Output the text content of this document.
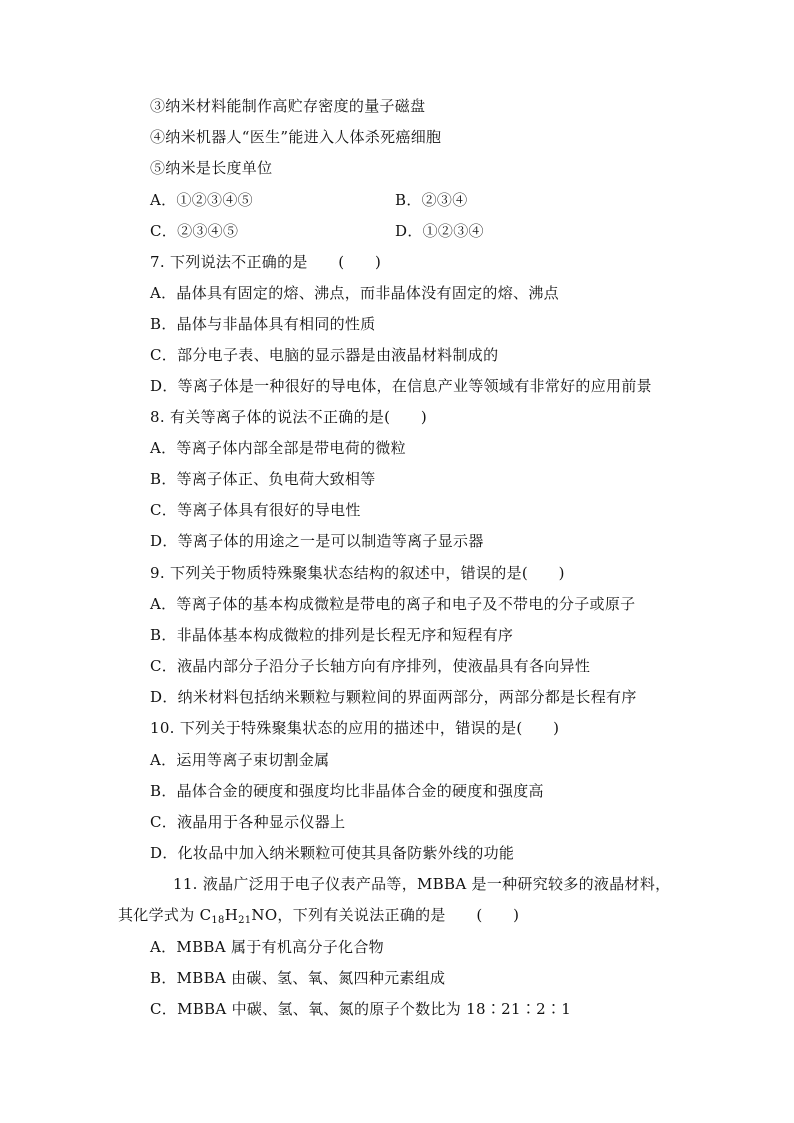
③纳米材料能制作高贮存密度的量子磁盘
④纳米机器人“医生”能进入人体杀死癌细胞
⑤纳米是长度单位
A．①②③④⑤	B．②③④
C．②③④⑤	D．①②③④
7. 下列说法不正确的是　　(　　)
A．晶体具有固定的熔、沸点，而非晶体没有固定的熔、沸点
B．晶体与非晶体具有相同的性质
C．部分电子表、电脑的显示器是由液晶材料制成的
D．等离子体是一种很好的导电体，在信息产业等领域有非常好的应用前景
8. 有关等离子体的说法不正确的是(　　)
A．等离子体内部全部是带电荷的微粒
B．等离子体正、负电荷大致相等
C．等离子体具有很好的导电性
D．等离子体的用途之一是可以制造等离子显示器
9. 下列关于物质特殊聚集状态结构的叙述中，错误的是(　　)
A．等离子体的基本构成微粒是带电的离子和电子及不带电的分子或原子
B．非晶体基本构成微粒的排列是长程无序和短程有序
C．液晶内部分子沿分子长轴方向有序排列，使液晶具有各向异性
D．纳米材料包括纳米颗粒与颗粒间的界面两部分，两部分都是长程有序
10. 下列关于特殊聚集状态的应用的描述中，错误的是(　　)
A．运用等离子束切割金属
B．晶体合金的硬度和强度均比非晶体合金的硬度和强度高
C．液晶用于各种显示仪器上
D．化妆品中加入纳米颗粒可使其具备防紫外线的功能
11. 液晶广泛用于电子仪表产品等，MBBA 是一种研究较多的液晶材料，
其化学式为 $C_{18}H_{21}NO$，下列有关说法正确的是　　(　　)
A．MBBA 属于有机高分子化合物
B．MBBA 由碳、氢、氧、氮四种元素组成
C．MBBA 中碳、氢、氧、氮的原子个数比为 18∶21∶2∶1
